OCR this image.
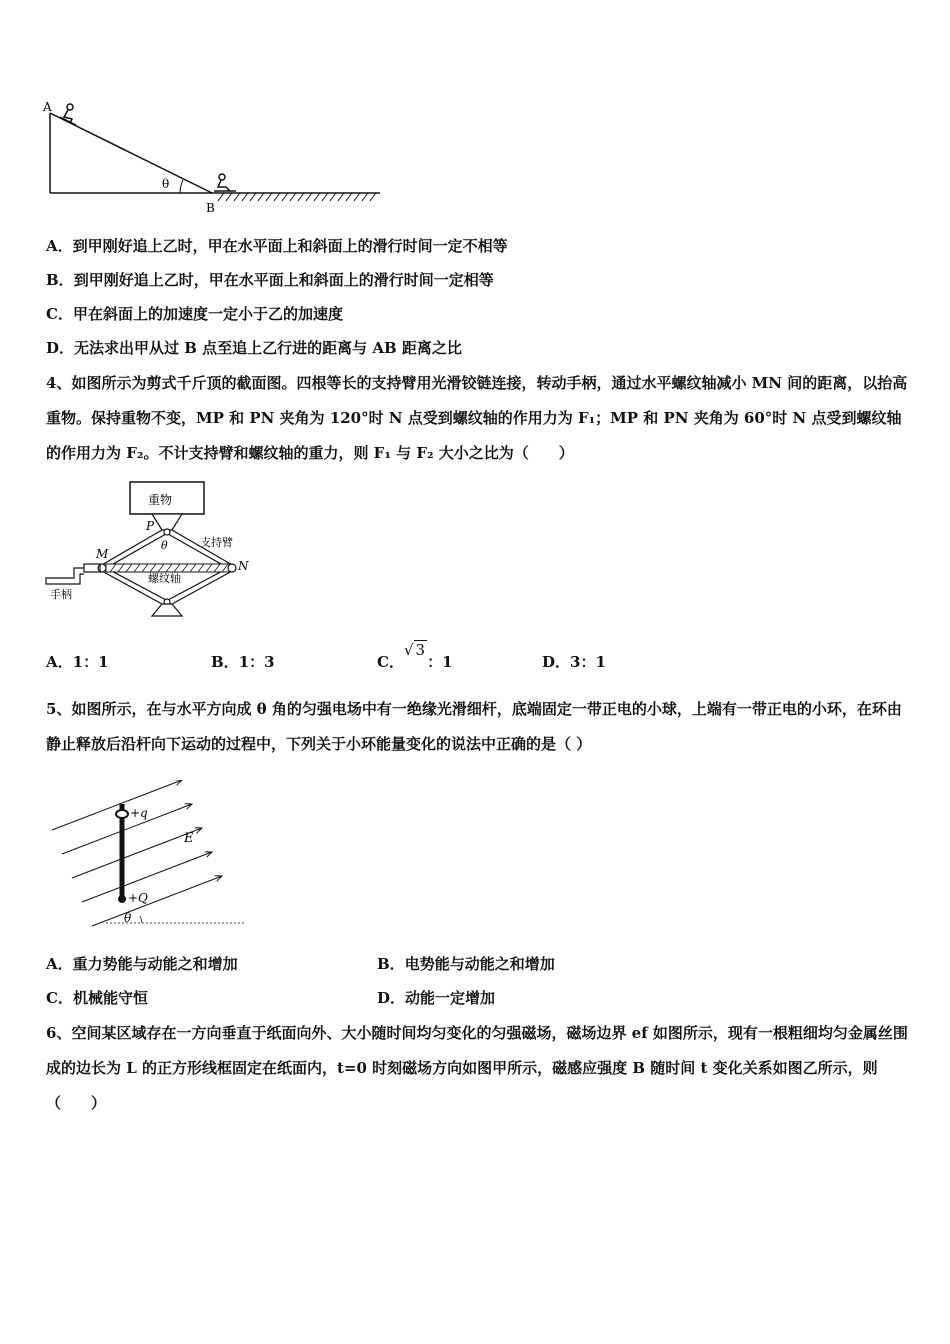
A
B
θ
A．到甲刚好追上乙时，甲在水平面上和斜面上的滑行时间一定不相等
B．到甲刚好追上乙时，甲在水平面上和斜面上的滑行时间一定相等
C．甲在斜面上的加速度一定小于乙的加速度
D．无法求出甲从过 B 点至追上乙行进的距离与 AB 距离之比
4、如图所示为剪式千斤顶的截面图。四根等长的支持臂用光滑铰链连接，转动手柄，通过水平螺纹轴减小 MN 间的距离，以抬高重物。保持重物不变，MP 和 PN 夹角为 120°时 N 点受到螺纹轴的作用力为 F₁；MP 和 PN 夹角为 60°时 N 点受到螺纹轴的作用力为 F₂。不计支持臂和螺纹轴的重力，则 F₁ 与 F₂ 大小之比为（　　）
重物
支持臂
螺纹轴
手柄
M
N
P
θ
A．1：1	B．1：3	C．√ 3：1	D．3：1
5、如图所示，在与水平方向成 θ 角的匀强电场中有一绝缘光滑细杆，底端固定一带正电的小球，上端有一带正电的小环，在环由静止释放后沿杆向下运动的过程中，下列关于小环能量变化的说法中正确的是（ ）
+q
+Q
E
θ
A．重力势能与动能之和增加	B．电势能与动能之和增加
C．机械能守恒	D．动能一定增加
6、空间某区域存在一方向垂直于纸面向外、大小随时间均匀变化的匀强磁场，磁场边界 ef 如图所示，现有一根粗细均匀金属丝围成的边长为 L 的正方形线框固定在纸面内，t=0 时刻磁场方向如图甲所示，磁感应强度 B 随时间 t 变化关系如图乙所示，则（　　）
